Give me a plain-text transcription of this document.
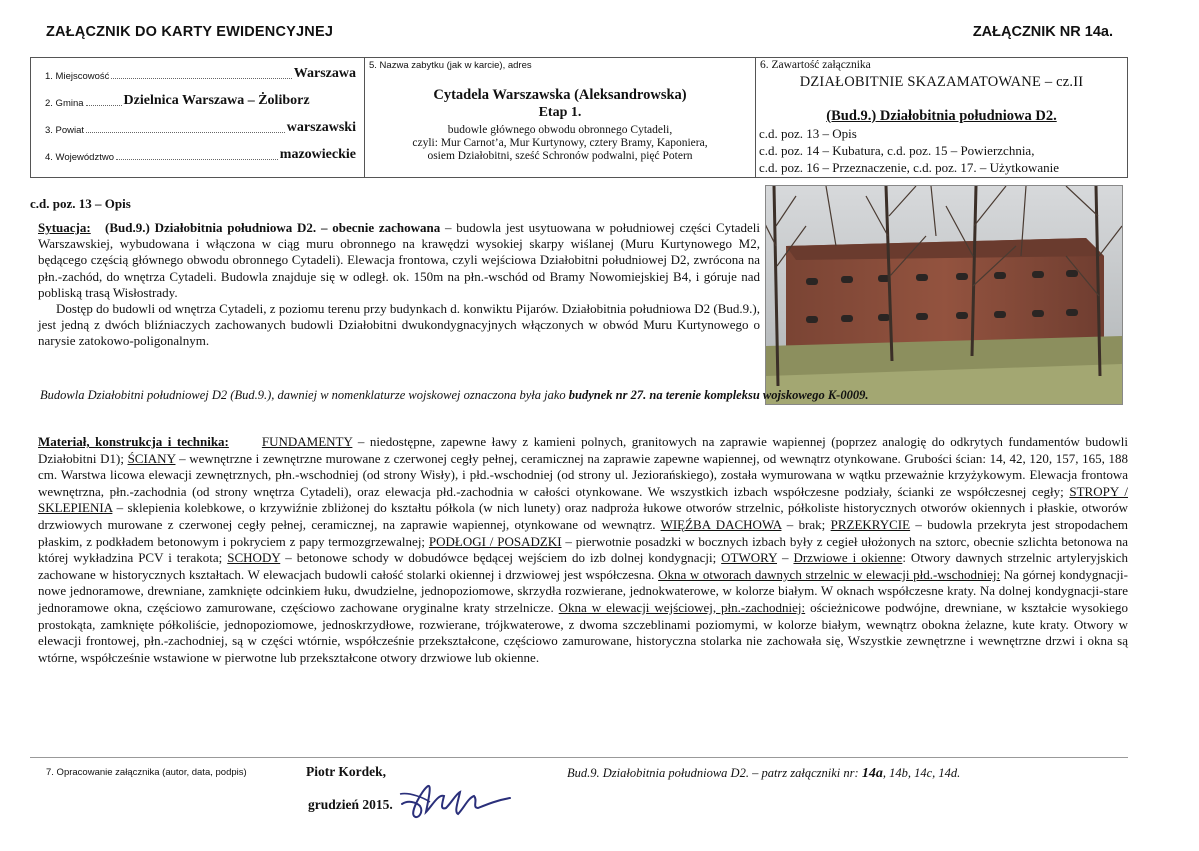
ZAŁĄCZNIK DO KARTY EWIDENCYJNEJ	ZAŁĄCZNIK NR 14a.
1. Miejscowość	Warszawa
2. Gmina	Dzielnica Warszawa – Żoliborz
3. Powiat	warszawski
4. Województwo	mazowieckie
5. Nazwa zabytku (jak w karcie), adres
Cytadela Warszawska (Aleksandrowska)
Etap 1.
budowle głównego obwodu obronnego Cytadeli,
czyli: Mur Carnot’a, Mur Kurtynowy, cztery Bramy, Kaponiera,
osiem Działobitni, sześć Schronów podwalni, pięć Potern
6. Zawartość załącznika
DZIAŁOBITNIE SKAZAMATOWANE – cz.II
(Bud.9.) Działobitnia południowa D2.
c.d. poz. 13 – Opis
c.d. poz. 14 – Kubatura, c.d. poz. 15 – Powierzchnia,
c.d. poz. 16 – Przeznaczenie, c.d. poz. 17. – Użytkowanie
c.d. poz. 13 – Opis

Sytuacja: (Bud.9.) Działobitnia południowa D2. – obecnie zachowana – budowla jest usytuowana w południowej części Cytadeli Warszawskiej, wybudowana i włączona w ciąg muru obronnego na krawędzi wysokiej skarpy wiślanej (Muru Kurtynowego M2, będącego częścią głównego obwodu obronnego Cytadeli). Elewacja frontowa, czyli wejściowa Działobitni południowej D2, zwrócona na płn.-zachód, do wnętrza Cytadeli. Budowla znajduje się w odległ. ok. 150m na płn.-wschód od Bramy Nowomiejskiej B4, i góruje nad pobliską trasą Wisłostrady.

Dostęp do budowli od wnętrza Cytadeli, z poziomu terenu przy budynkach d. konwiktu Pijarów. Działobitnia południowa D2 (Bud.9.), jest jedną z dwóch bliźniaczych zachowanych budowli Działobitni dwukondygnacyjnych włączonych w obwód Muru Kurtynowego o narysie zatokowo-poligonalnym.

Budowla Działobitni południowej D2 (Bud.9.), dawniej w nomenklaturze wojskowej oznaczona była jako budynek nr 27. na terenie kompleksu wojskowego K-0009.
Materiał, konstrukcja i technika:	FUNDAMENTY – niedostępne, zapewne ławy z kamieni polnych, granitowych na zaprawie wapiennej (poprzez analogię do odkrytych fundamentów budowli Działobitni D1); ŚCIANY – wewnętrzne i zewnętrzne murowane z czerwonej cegły pełnej, ceramicznej na zaprawie zapewne wapiennej, od wewnątrz otynkowane. Grubości ścian: 14, 42, 120, 157, 165, 188 cm. Warstwa licowa elewacji zewnętrznych, płn.-wschodniej (od strony Wisły), i płd.-wschodniej (od strony ul. Jeziorańskiego), została wymurowana w wątku przeważnie krzyżykowym. Elewacja frontowa wewnętrzna, płn.-zachodnia (od strony wnętrza Cytadeli), oraz elewacja płd.-zachodnia w całości otynkowane. We wszystkich izbach współczesne podziały, ścianki ze współczesnej cegły; STROPY / SKLEPIENIA – sklepienia kolebkowe, o krzywiźnie zbliżonej do kształtu półkola (w nich lunety) oraz nadproża łukowe otworów strzelnic, półkoliste historycznych otworów okiennych i płaskie, otworów drzwiowych murowane z czerwonej cegły pełnej, ceramicznej, na zaprawie wapiennej, otynkowane od wewnątrz. WIĘŹBA DACHOWA – brak; PRZEKRYCIE – budowla przekryta jest stropodachem płaskim, z podkładem betonowym i pokryciem z papy termozgrzewalnej; PODŁOGI / POSADZKI – pierwotnie posadzki w bocznych izbach były z cegieł ułożonych na sztorc, obecnie szlichta betonowa na której wykładzina PCV i terakota; SCHODY – betonowe schody w dobudówce będącej wejściem do izb dolnej kondygnacji; OTWORY – Drzwiowe i okienne: Otwory dawnych strzelnic artyleryjskich zachowane w historycznych kształtach. W elewacjach budowli całość stolarki okiennej i drzwiowej jest współczesna. Okna w otworach dawnych strzelnic w elewacji płd.-wschodniej: Na górnej kondygnacji-nowe jednoramowe, drewniane, zamknięte odcinkiem łuku, dwudzielne, jednopoziomowe, skrzydła rozwierane, jednokwaterowe, w kolorze białym. W oknach współczesne kraty. Na dolnej kondygnacji-stare jednoramowe okna, częściowo zamurowane, częściowo zachowane oryginalne kraty strzelnicze. Okna w elewacji wejściowej, płn.-zachodniej: ościeżnicowe podwójne, drewniane, w kształcie wysokiego prostokąta, zamknięte półkoliście, jednopoziomowe, jednoskrzydłowe, rozwierane, trójkwaterowe, z dwoma szczeblinami poziomymi, w kolorze białym, wewnątrz obokna żelazne, kute kraty. Otwory w elewacji frontowej, płn.-zachodniej, są w części wtórnie, współcześnie przekształcone, częściowo zamurowane, historyczna stolarka nie zachowała się, Wszystkie zewnętrzne i wewnętrzne drzwi i okna są wtórne, współcześnie wstawione w pierwotne lub przekształcone otwory drzwiowe lub okienne.
7. Opracowanie załącznika (autor, data, podpis)	Piotr Kordek,
grudzień 2015.
Bud.9. Działobitnia południowa D2. – patrz załączniki nr: 14a, 14b, 14c, 14d.
